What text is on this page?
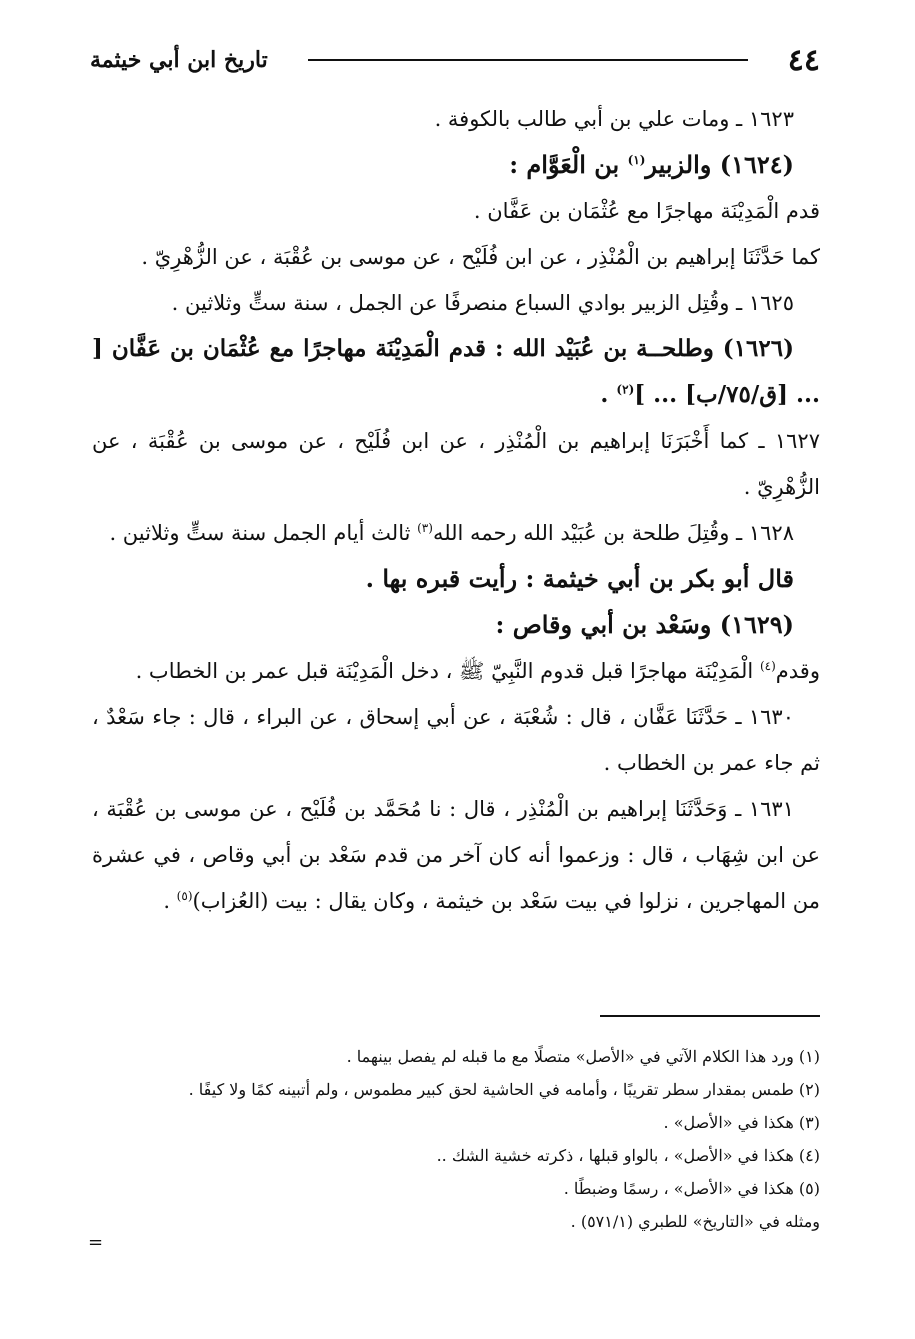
٤٤
تاريخ ابن أبي خيثمة

١٦٢٣ ـ ومات علي بن أبي طالب بالكوفة .

(١٦٢٤) والزبير$^{(١)}$ بن الْعَوَّام :

قدم الْمَدِيْنَة مهاجرًا مع عُثْمَان بن عَفَّان .

كما حَدَّثَنَا إبراهيم بن الْمُنْذِر ، عن ابن فُلَيْح ، عن موسى بن عُقْبَة ، عن الزُّهْرِيّ .

١٦٢٥ ـ وقُتِل الزبير بوادي السباع منصرفًا عن الجمل ، سنة ستٍّ وثلاثين .

(١٦٢٦) وطلحــة بن عُبَيْد الله : قدم الْمَدِيْنَة مهاجرًا مع عُثْمَان بن عَفَّان [ ... [ق/٧٥/ب] ... ]$^{(٢)}$ .

١٦٢٧ ـ كما أَخْبَرَنَا إبراهيم بن الْمُنْذِر ، عن ابن فُلَيْح ، عن موسى بن عُقْبَة ، عن الزُّهْرِيّ .

١٦٢٨ ـ وقُتِلَ طلحة بن عُبَيْد الله رحمه الله$^{(٣)}$ ثالث أيام الجمل سنة ستٍّ وثلاثين .

قال أبو بكر بن أبي خيثمة : رأيت قبره بها .

(١٦٢٩) وسَعْد بن أبي وقاص :

وقدم$^{(٤)}$ الْمَدِيْنَة مهاجرًا قبل قدوم النَّبِيّ ﷺ ، دخل الْمَدِيْنَة قبل عمر بن الخطاب .

١٦٣٠ ـ حَدَّثَنَا عَفَّان ، قال : شُعْبَة ، عن أبي إسحاق ، عن البراء ، قال : جاء سَعْدٌ ، ثم جاء عمر بن الخطاب .

١٦٣١ ـ وَحَدَّثَنَا إبراهيم بن الْمُنْذِر ، قال : نا مُحَمَّد بن فُلَيْح ، عن موسى بن عُقْبَة ، عن ابن شِهَاب ، قال : وزعموا أنه كان آخر من قدم سَعْد بن أبي وقاص ، في عشرة من المهاجرين ، نزلوا في بيت سَعْد بن خيثمة ، وكان يقال : بيت (العُزاب)$^{(٥)}$ .

(١) ورد هذا الكلام الآتي في «الأصل» متصلًا مع ما قبله لم يفصل بينهما .

(٢) طمس بمقدار سطر تقريبًا ، وأمامه في الحاشية لحق كبير مطموس ، ولم أتبينه كمًا ولا كيفًا .

(٣) هكذا في «الأصل» .

(٤) هكذا في «الأصل» ، بالواو قبلها ، ذكرته خشية الشك ..

(٥) هكذا في «الأصل» ، رسمًا وضبطًا .

ومثله في «التاريخ» للطبري (٥٧١/١) .

=
